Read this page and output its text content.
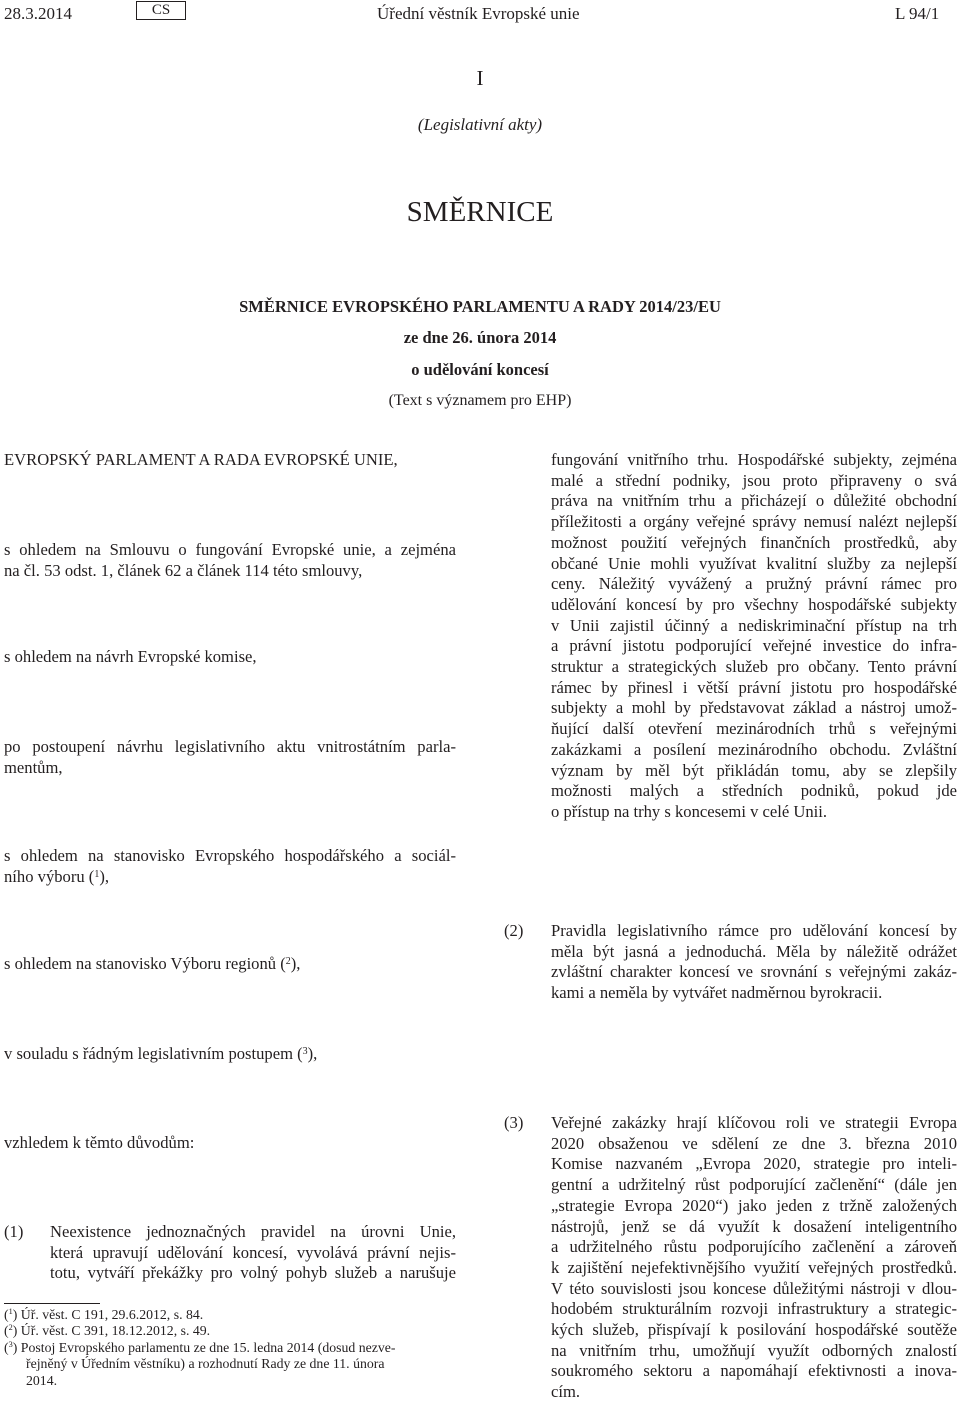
28.3.2014	CS	Úřední věstník Evropské unie	L 94/1
I
(Legislativní akty)
SMĚRNICE
SMĚRNICE EVROPSKÉHO PARLAMENTU A RADY 2014/23/EU
ze dne 26. února 2014
o udělování koncesí
(Text s významem pro EHP)
EVROPSKÝ PARLAMENT A RADA EVROPSKÉ UNIE,
s ohledem na Smlouvu o fungování Evropské unie, a zejména
na čl. 53 odst. 1, článek 62 a článek 114 této smlouvy,
s ohledem na návrh Evropské komise,
po postoupení návrhu legislativního aktu vnitrostátním parla-
mentům,
s ohledem na stanovisko Evropského hospodářského a sociál-
ního výboru ($^1$),
s ohledem na stanovisko Výboru regionů ($^2$),
v souladu s řádným legislativním postupem ($^3$),
vzhledem k těmto důvodům:
(1) Neexistence jednoznačných pravidel na úrovni Unie,
která upravují udělování koncesí, vyvolává právní nejis-
totu, vytváří překážky pro volný pohyb služeb a narušuje
($^1$) Úř. věst. C 191, 29.6.2012, s. 84.
($^2$) Úř. věst. C 391, 18.12.2012, s. 49.
($^3$) Postoj Evropského parlamentu ze dne 15. ledna 2014 (dosud nezve-
řejněný v Úředním věstníku) a rozhodnutí Rady ze dne 11. února
2014.
fungování vnitřního trhu. Hospodářské subjekty, zejména
malé a střední podniky, jsou proto připraveny o svá
práva na vnitřním trhu a přicházejí o důležité obchodní
příležitosti a orgány veřejné správy nemusí nalézt nejlepší
možnost použití veřejných finančních prostředků, aby
občané Unie mohli využívat kvalitní služby za nejlepší
ceny. Náležitý vyvážený a pružný právní rámec pro
udělování koncesí by pro všechny hospodářské subjekty
v Unii zajistil účinný a nediskriminační přístup na trh
a právní jistotu podporující veřejné investice do infra-
struktur a strategických služeb pro občany. Tento právní
rámec by přinesl i větší právní jistotu pro hospodářské
subjekty a mohl by představovat základ a nástroj umož-
ňující další otevření mezinárodních trhů s veřejnými
zakázkami a posílení mezinárodního obchodu. Zvláštní
význam by měl být přikládán tomu, aby se zlepšily
možnosti malých a středních podniků, pokud jde
o přístup na trhy s koncesemi v celé Unii.
(2) Pravidla legislativního rámce pro udělování koncesí by
měla být jasná a jednoduchá. Měla by náležitě odrážet
zvláštní charakter koncesí ve srovnání s veřejnými zakáz-
kami a neměla by vytvářet nadměrnou byrokracii.
(3) Veřejné zakázky hrají klíčovou roli ve strategii Evropa
2020 obsaženou ve sdělení ze dne 3. března 2010
Komise nazvaném „Evropa 2020, strategie pro inteli-
gentní a udržitelný růst podporující začlenění“ (dále jen
„strategie Evropa 2020“) jako jeden z tržně založených
nástrojů, jenž se dá využít k dosažení inteligentního
a udržitelného růstu podporujícího začlenění a zároveň
k zajištění nejefektivnějšího využití veřejných prostředků.
V této souvislosti jsou koncese důležitými nástroji v dlou-
hodobém strukturálním rozvoji infrastruktury a strategic-
kých služeb, přispívají k posilování hospodářské soutěže
na vnitřním trhu, umožňují využít odborných znalostí
soukromého sektoru a napomáhají efektivnosti a inova-
cím.
